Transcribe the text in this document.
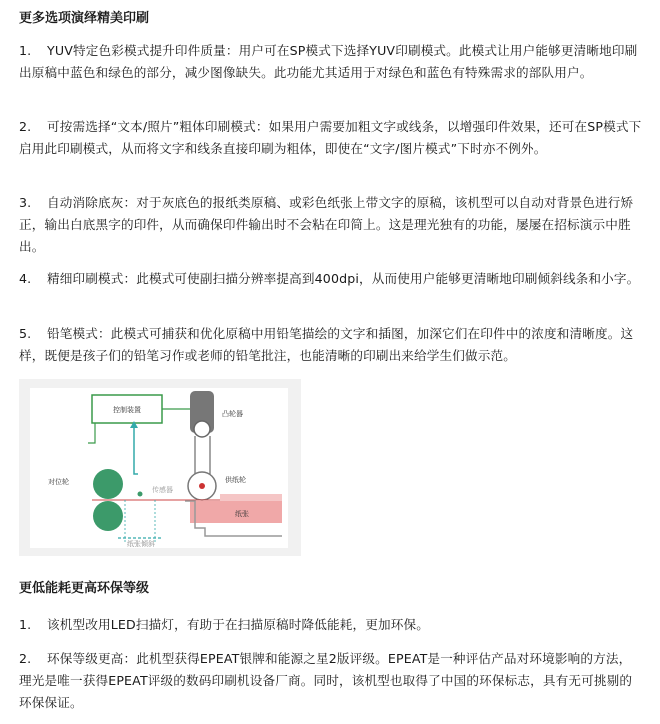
更多选项演绎精美印刷

1. YUV特定色彩模式提升印件质量：用户可在SP模式下选择YUV印刷模式。此模式让用户能够更清晰地印刷出原稿中蓝色和绿色的部分，减少图像缺失。此功能尤其适用于对绿色和蓝色有特殊需求的部队用户。

2. 可按需选择“文本/照片”粗体印刷模式：如果用户需要加粗文字或线条，以增强印件效果，还可在SP模式下启用此印刷模式，从而将文字和线条直接印刷为粗体，即使在“文字/图片模式”下时亦不例外。

3. 自动消除底灰：对于灰底色的报纸类原稿、或彩色纸张上带文字的原稿，该机型可以自动对背景色进行矫正，输出白底黑字的印件，从而确保印件输出时不会粘在印简上。这是理光独有的功能，屡屡在招标演示中胜出。

4. 精细印刷模式：此模式可使副扫描分辨率提高到400dpi，从而使用户能够更清晰地印刷倾斜线条和小字。

5. 铅笔模式：此模式可捕获和优化原稿中用铅笔描绘的文字和插图，加深它们在印件中的浓度和清晰度。这样，既便是孩子们的铅笔习作或老师的铅笔批注，也能清晰的印刷出来给学生们做示范。

控制装置	凸轮器
供纸轮
对位轮
传感器
纸张
纸张倾斜
更低能耗更高环保等级

1. 该机型改用LED扫描灯，有助于在扫描原稿时降低能耗，更加环保。

2. 环保等级更高：此机型获得EPEAT银牌和能源之星2版评级。EPEAT是一种评估产品对环境影响的方法，理光是唯一获得EPEAT评级的数码印刷机设备厂商。同时，该机型也取得了中国的环保标志，具有无可挑剔的环保保证。
